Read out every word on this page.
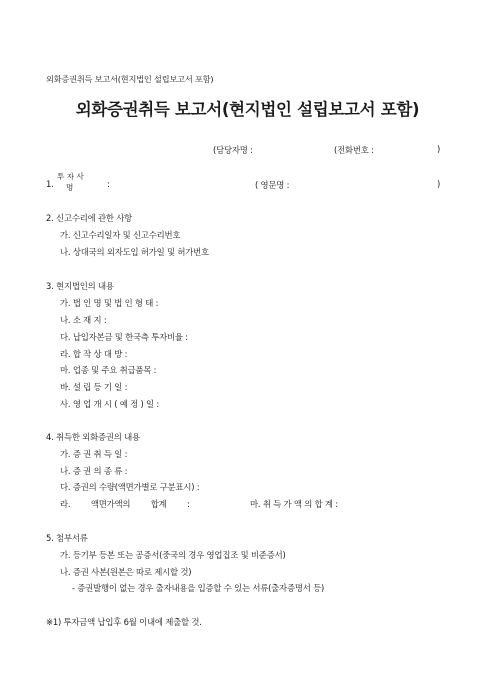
외화증권취득 보고서(현지법인 설립보고서 포함)
외화증권취득 보고서(현지법인 설립보고서 포함)
(담당자명 :	(전화번호 :	)
1.
투 자 사
명	:	( 영문명 :	)
2. 신고수리에 관한 사항
가. 신고수리일자 및 신고수리번호
나. 상대국의 외자도입 허가일 및 허가번호
3. 현지법인의 내용
가. 법 인 명 및 법 인 형 태 :
나. 소 재 지 :
다. 납입자본금 및 한국측 투자비율 :
라. 합 작 상 대 방 :
마. 업종 및 주요 취급품목 :
바. 설 립 등 기 일 :
사. 영 업 개 시 ( 예 정 ) 일 :
4. 취득한 외화증권의 내용
가. 증 권 취 득 일 :
나. 증 권 의 종 류 :
다. 증권의 수량(액면가별로 구분표시) :
라. 액면가액의 합계 :	마. 취 득 가 액 의 합 계 :
5. 첨부서류
가. 등기부 등본 또는 공증서(중국의 경우 영업집조 및 비준증서)
나. 증권 사본(원본은 따로 제시할 것)
- 증권발행이 없는 경우 출자내용을 입증할 수 있는 서류(출자증명서 등)
※1) 투자금액 납입후 6월 이내에 제출할 것.
